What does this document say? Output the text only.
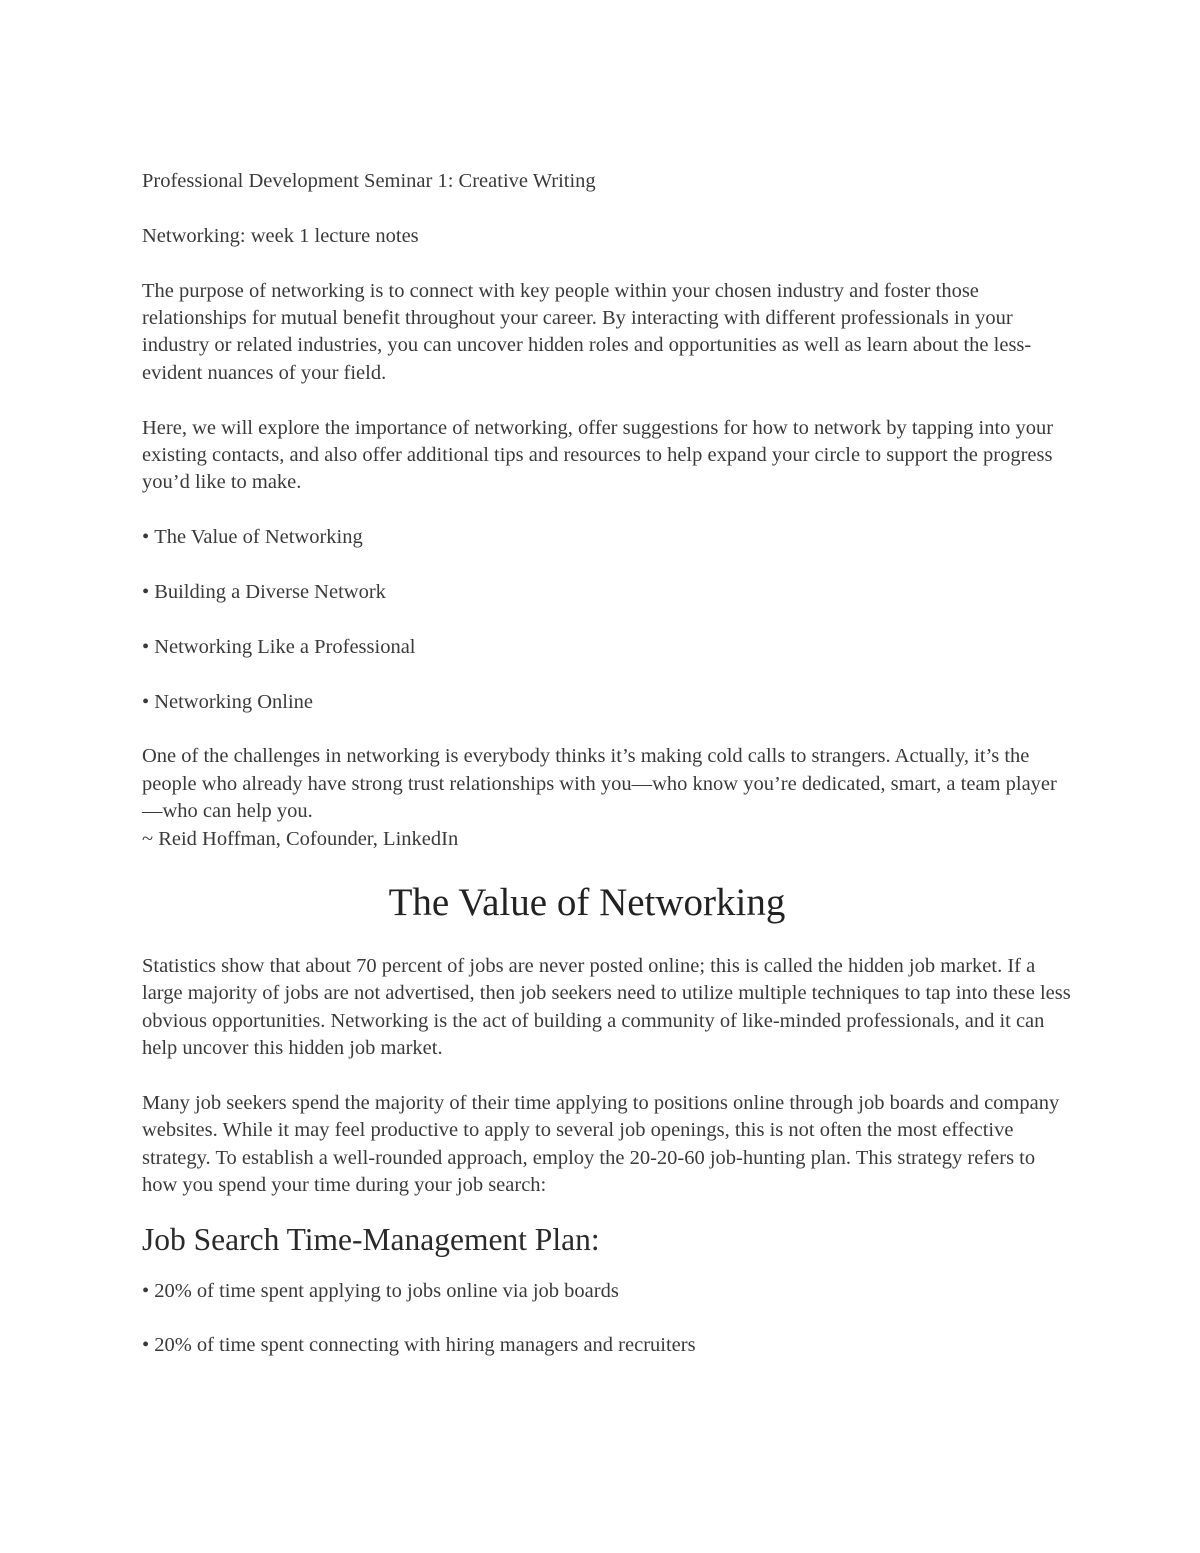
Professional Development Seminar 1: Creative Writing

Networking: week 1 lecture notes

The purpose of networking is to connect with key people within your chosen industry and foster those relationships for mutual benefit throughout your career. By interacting with different professionals in your industry or related industries, you can uncover hidden roles and opportunities as well as learn about the less-evident nuances of your field.

Here, we will explore the importance of networking, offer suggestions for how to network by tapping into your existing contacts, and also offer additional tips and resources to help expand your circle to support the progress you’d like to make.

• The Value of Networking
• Building a Diverse Network
• Networking Like a Professional
• Networking Online

One of the challenges in networking is everybody thinks it’s making cold calls to strangers. Actually, it’s the people who already have strong trust relationships with you—who know you’re dedicated, smart, a team player—who can help you.

~ Reid Hoffman, Cofounder, LinkedIn

The Value of Networking

Statistics show that about 70 percent of jobs are never posted online; this is called the hidden job market. If a large majority of jobs are not advertised, then job seekers need to utilize multiple techniques to tap into these less obvious opportunities. Networking is the act of building a community of like-minded professionals, and it can help uncover this hidden job market.

Many job seekers spend the majority of their time applying to positions online through job boards and company websites. While it may feel productive to apply to several job openings, this is not often the most effective strategy. To establish a well-rounded approach, employ the 20-20-60 job-hunting plan. This strategy refers to how you spend your time during your job search:

Job Search Time-Management Plan:
• 20% of time spent applying to jobs online via job boards
• 20% of time spent connecting with hiring managers and recruiters
